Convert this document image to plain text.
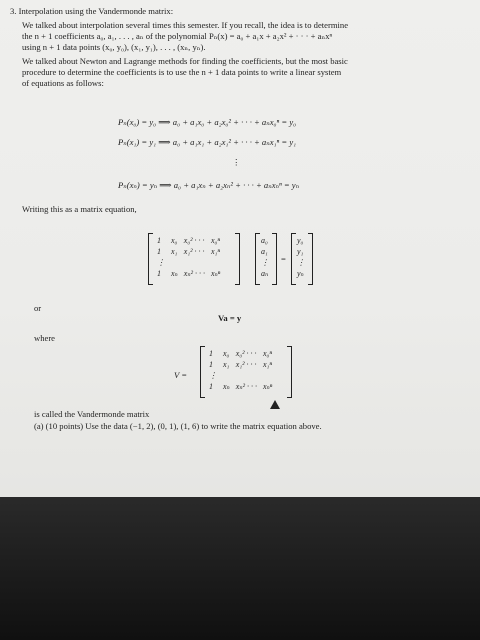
3. Interpolation using the Vandermonde matrix:
We talked about interpolation several times this semester. If you recall, the idea is to determine
the n + 1 coefficients a₀, a₁, . . . , aₙ of the polynomial Pₙ(x) = a₀ + a₁x + a₂x² + · · · + aₙxⁿ
using n + 1 data points (x₀, y₀), (x₁, y₁), . . . , (xₙ, yₙ).
We talked about Newton and Lagrange methods for finding the coefficients, but the most basic
procedure to determine the coefficients is to use the n + 1 data points to write a linear system
of equations as follows:
Pₙ(x₀) = y₀ ⟹ a₀ + a₁x₀ + a₂x₀² + · · · + aₙx₀ⁿ = y₀
Pₙ(x₁) = y₁ ⟹ a₀ + a₁x₁ + a₂x₁² + · · · + aₙx₁ⁿ = y₁
⋮
Pₙ(xₙ) = yₙ ⟹ a₀ + a₁xₙ + a₂xₙ² + · · · + aₙxₙⁿ = yₙ
Writing this as a matrix equation,
1	x₀	x₀² · · ·	x₀ⁿ
1	x₁	x₁² · · ·	x₁ⁿ
⋮			
1	xₙ	xₙ² · · ·	xₙⁿ
a₀
a₁
⋮
aₙ
=
y₀
y₁
⋮
yₙ
or
Va = y
where
V =
1	x₀	x₀² · · ·	x₀ⁿ
1	x₁	x₁² · · ·	x₁ⁿ
⋮			
1	xₙ	xₙ² · · ·	xₙⁿ
is called the Vandermonde matrix
(a) (10 points) Use the data (−1, 2), (0, 1), (1, 6) to write the matrix equation above.
